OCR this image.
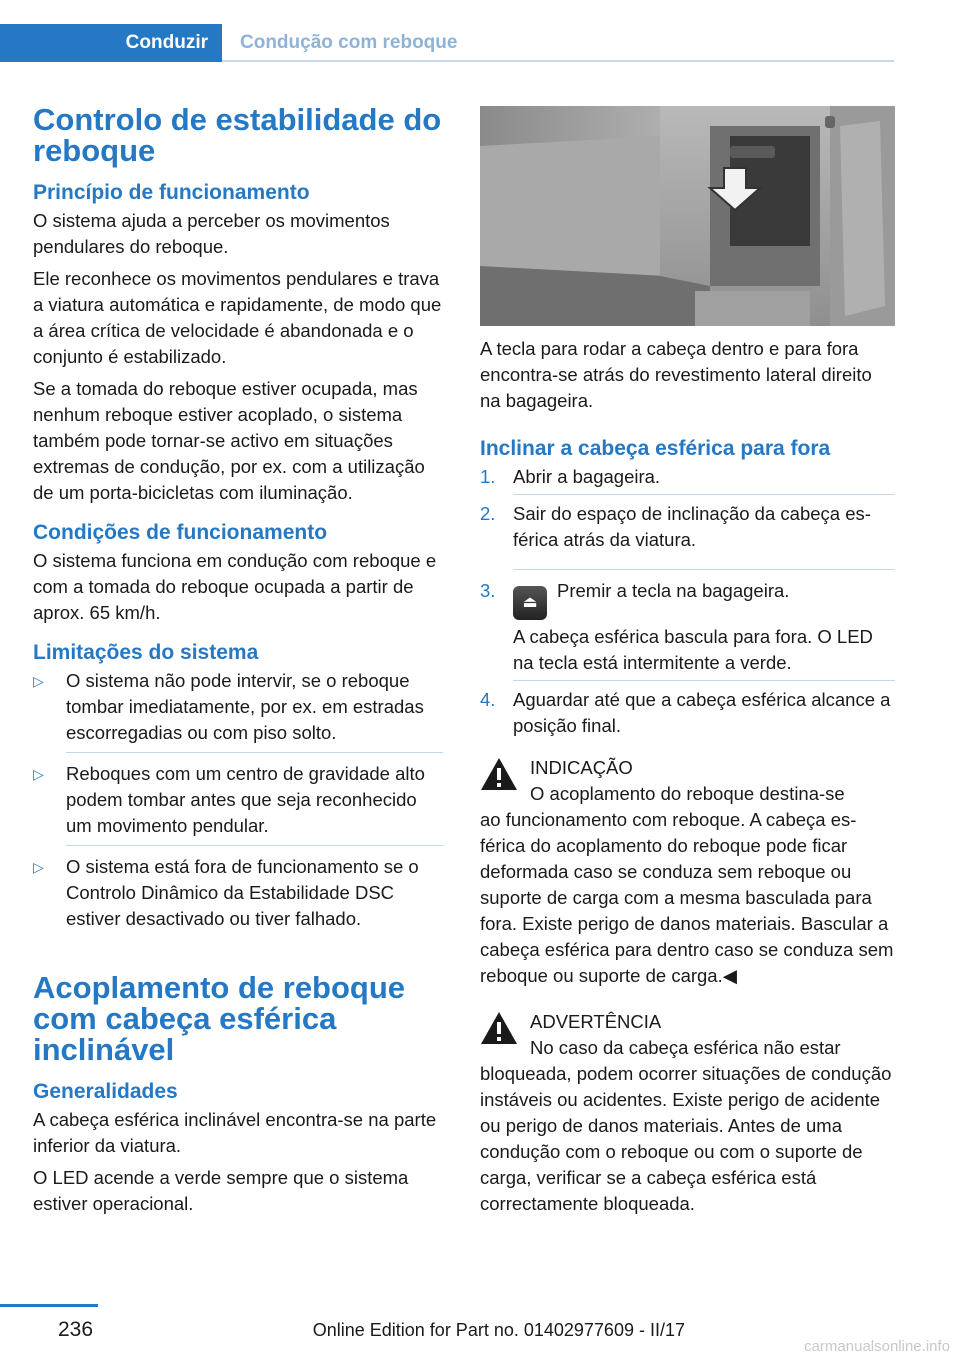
Conduzir	Condução com reboque
Controlo de estabilidade do reboque
Princípio de funcionamento

O sistema ajuda a perceber os movimentos pendulares do reboque.

Ele reconhece os movimentos pendulares e trava a viatura automática e rapidamente, de modo que a área crítica de velocidade é abandonada e o conjunto é estabilizado.

Se a tomada do reboque estiver ocupada, mas nenhum reboque estiver acoplado, o sistema também pode tornar-se activo em situações extremas de condução, por ex. com a utilização de um porta-bicicletas com iluminação.

Condições de funcionamento

O sistema funciona em condução com reboque e com a tomada do reboque ocupada a partir de aprox. 65 km/h.

Limitações do sistema
▷ O sistema não pode intervir, se o reboque tombar imediatamente, por ex. em estradas escorregadias ou com piso solto.
▷ Reboques com um centro de gravidade alto podem tombar antes que seja reconhecido um movimento pendular.
▷ O sistema está fora de funcionamento se o Controlo Dinâmico da Estabilidade DSC estiver desactivado ou tiver falhado.
Acoplamento de reboque com cabeça esférica inclinável
Generalidades

A cabeça esférica inclinável encontra-se na parte inferior da viatura.

O LED acende a verde sempre que o sistema estiver operacional.

A tecla para rodar a cabeça dentro e para fora encontra-se atrás do revestimento lateral direito na bagageira.

Inclinar a cabeça esférica para fora
1. Abrir a bagageira.
2. Sair do espaço de inclinação da cabeça esférica atrás da viatura.
3.
⏏Premir a tecla na bagageira.
A cabeça esférica bascula para fora. O LED na tecla está intermitente a verde.
4. Aguardar até que a cabeça esférica alcance a posição final.
INDICAÇÃO
O acoplamento do reboque destina-se
ao funcionamento com reboque. A cabeça esférica do acoplamento do reboque pode ficar deformada caso se conduza sem reboque ou suporte de carga com a mesma basculada para fora. Existe perigo de danos materiais. Bascular a cabeça esférica para dentro caso se conduza sem reboque ou suporte de carga.◀
ADVERTÊNCIA
No caso da cabeça esférica não estar
bloqueada, podem ocorrer situações de condução instáveis ou acidentes. Existe perigo de acidente ou perigo de danos materiais. Antes de uma condução com o reboque ou com o suporte de carga, verificar se a cabeça esférica está correctamente bloqueada.
236	Online Edition for Part no. 01402977609 - II/17
carmanualsonline.info
